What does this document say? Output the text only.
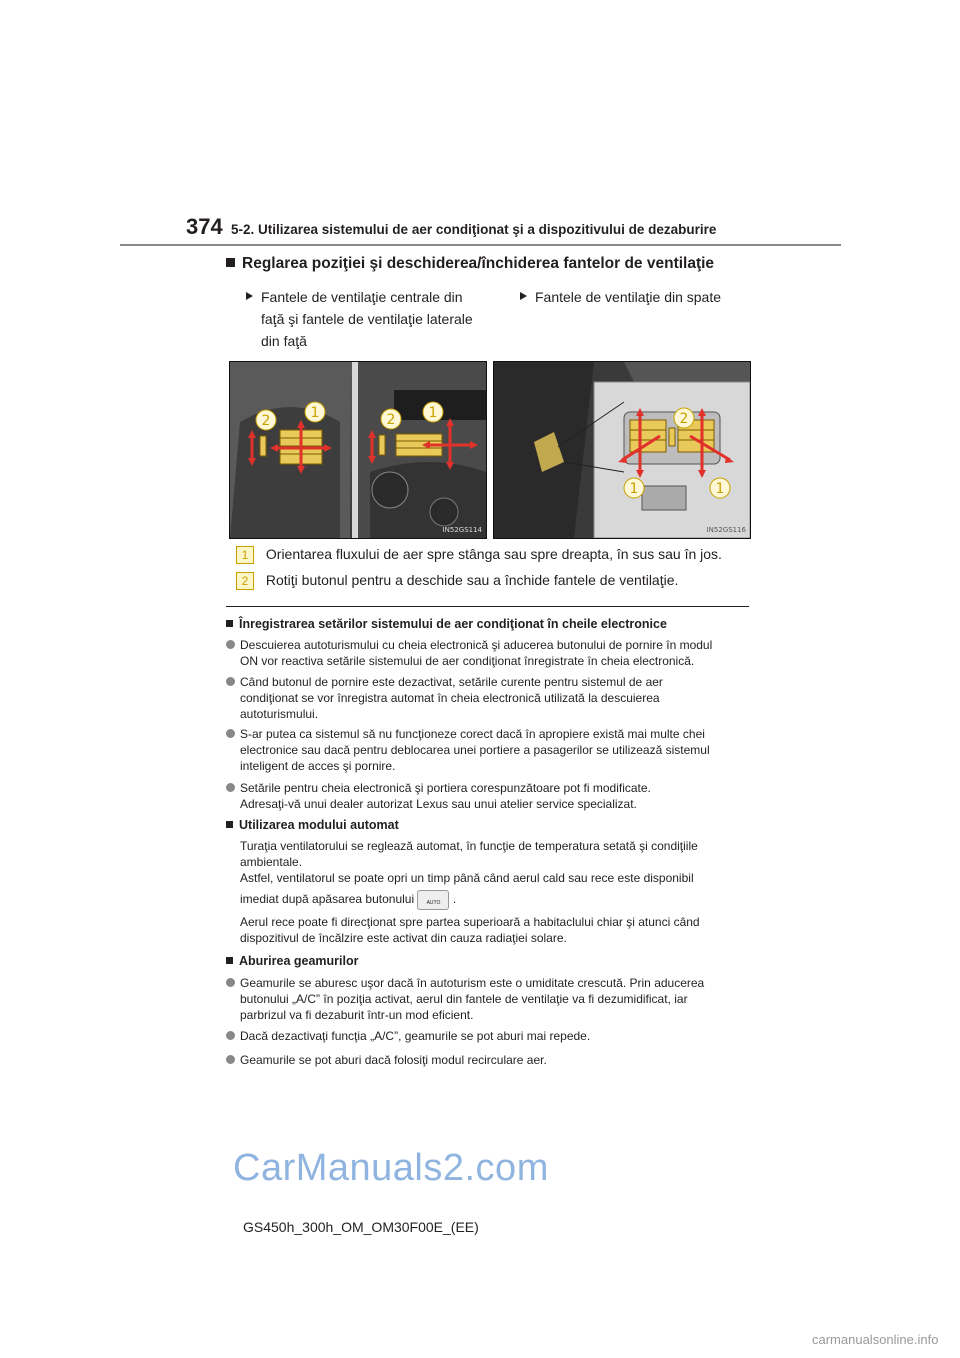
374 5-2. Utilizarea sistemului de aer condiţionat şi a dispozitivului de dezaburire
Reglarea poziţiei şi deschiderea/închiderea fantelor de ventilaţie
Fantele de ventilaţie centrale din
faţă şi fantele de ventilaţie laterale
din faţă
Fantele de ventilaţie din spate
2	1	2 1
IN52GS114
2
1	1
IN52GS116
1 Orientarea fluxului de aer spre stânga sau spre dreapta, în sus sau în jos.
2 Rotiţi butonul pentru a deschide sau a închide fantele de ventilaţie.
Înregistrarea setărilor sistemului de aer condiţionat în cheile electronice
Descuierea autoturismului cu cheia electronică şi aducerea butonului de pornire în modul
ON vor reactiva setările sistemului de aer condiţionat înregistrate în cheia electronică.
Când butonul de pornire este dezactivat, setările curente pentru sistemul de aer
condiţionat se vor înregistra automat în cheia electronică utilizată la descuierea
autoturismului.
S-ar putea ca sistemul să nu funcţioneze corect dacă în apropiere există mai multe chei
electronice sau dacă pentru deblocarea unei portiere a pasagerilor se utilizează sistemul
inteligent de acces şi pornire.
Setările pentru cheia electronică şi portiera corespunzătoare pot fi modificate.
Adresaţi-vă unui dealer autorizat Lexus sau unui atelier service specializat.
Utilizarea modului automat
Turaţia ventilatorului se reglează automat, în funcţie de temperatura setată şi condiţiile
ambientale.
Astfel, ventilatorul se poate opri un timp până când aerul cald sau rece este disponibil
imediat după apăsarea butonului AUTO .
Aerul rece poate fi direcţionat spre partea superioară a habitaclului chiar şi atunci când
dispozitivul de încălzire este activat din cauza radiaţiei solare.
Aburirea geamurilor
Geamurile se aburesc uşor dacă în autoturism este o umiditate crescută. Prin aducerea
butonului „A/C” în poziţia activat, aerul din fantele de ventilaţie va fi dezumidificat, iar
parbrizul va fi dezaburit într-un mod eficient.
Dacă dezactivaţi funcţia „A/C”, geamurile se pot aburi mai repede.
Geamurile se pot aburi dacă folosiţi modul recirculare aer.
CarManuals2.com
GS450h_300h_OM_OM30F00E_(EE)
carmanualsonline.info
